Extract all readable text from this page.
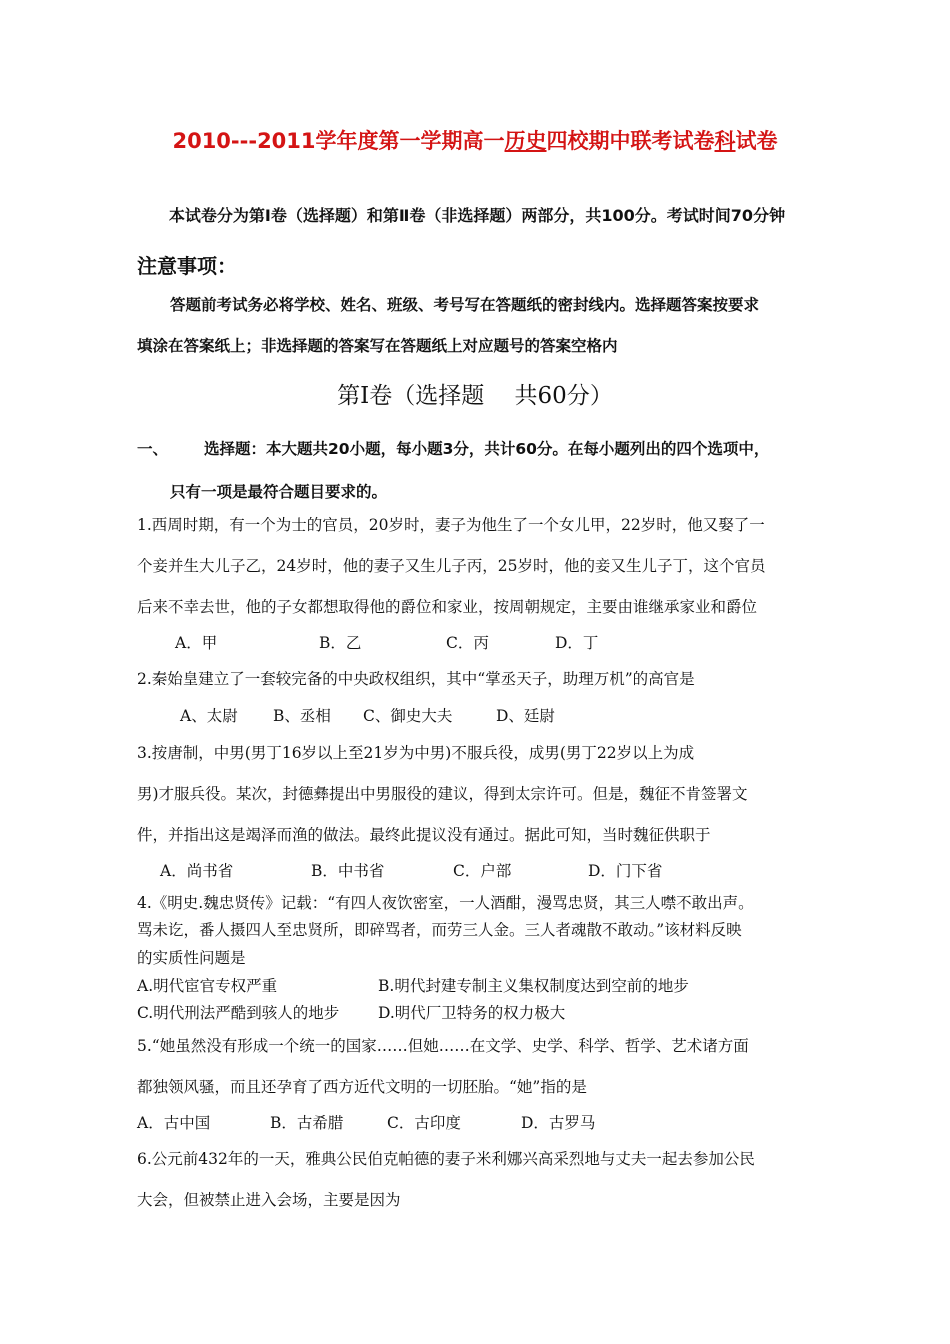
2010---2011学年度第一学期高一历史四校期中联考试卷科试卷
本试卷分为第Ⅰ卷（选择题）和第Ⅱ卷（非选择题）两部分，共100分。考试时间70分钟
注意事项：
答题前考试务必将学校、姓名、班级、考号写在答题纸的密封线内。选择题答案按要求
填涂在答案纸上；非选择题的答案写在答题纸上对应题号的答案空格内
第Ⅰ卷（选择题　 共60分）
一、 选择题：本大题共20小题，每小题3分，共计60分。在每小题列出的四个选项中，
只有一项是最符合题目要求的。
1.西周时期，有一个为士的官员，20岁时，妻子为他生了一个女儿甲，22岁时，他又娶了一
个妾并生大儿子乙，24岁时，他的妻子又生儿子丙，25岁时，他的妾又生儿子丁，这个官员
后来不幸去世，他的子女都想取得他的爵位和家业，按周朝规定，主要由谁继承家业和爵位
A．甲	B．乙	C．丙	D．丁
2.秦始皇建立了一套较完备的中央政权组织，其中“掌丞天子，助理万机”的高官是
A、太尉 B、丞相 C、御史大夫	D、廷尉
3.按唐制，中男(男丁16岁以上至21岁为中男)不服兵役，成男(男丁22岁以上为成
男)才服兵役。某次，封德彝提出中男服役的建议，得到太宗许可。但是，魏征不肯签署文
件，并指出这是竭泽而渔的做法。最终此提议没有通过。据此可知，当时魏征供职于
A．尚书省	B．中书省	C．户部	D．门下省
4.《明史.魏忠贤传》记载：“有四人夜饮密室，一人酒酣，漫骂忠贤，其三人噤不敢出声。
骂未讫，番人摄四人至忠贤所，即碎骂者，而劳三人金。三人者魂散不敢动。”该材料反映
的实质性问题是
A.明代宦官专权严重	B.明代封建专制主义集权制度达到空前的地步
C.明代刑法严酷到骇人的地步	D.明代厂卫特务的权力极大
5.“她虽然没有形成一个统一的国家……但她……在文学、史学、科学、哲学、艺术诸方面
都独领风骚，而且还孕育了西方近代文明的一切胚胎。“她”指的是
A．古中国	B．古希腊	C．古印度	D．古罗马
6.公元前432年的一天，雅典公民伯克帕德的妻子米利娜兴高采烈地与丈夫一起去参加公民
大会，但被禁止进入会场，主要是因为
